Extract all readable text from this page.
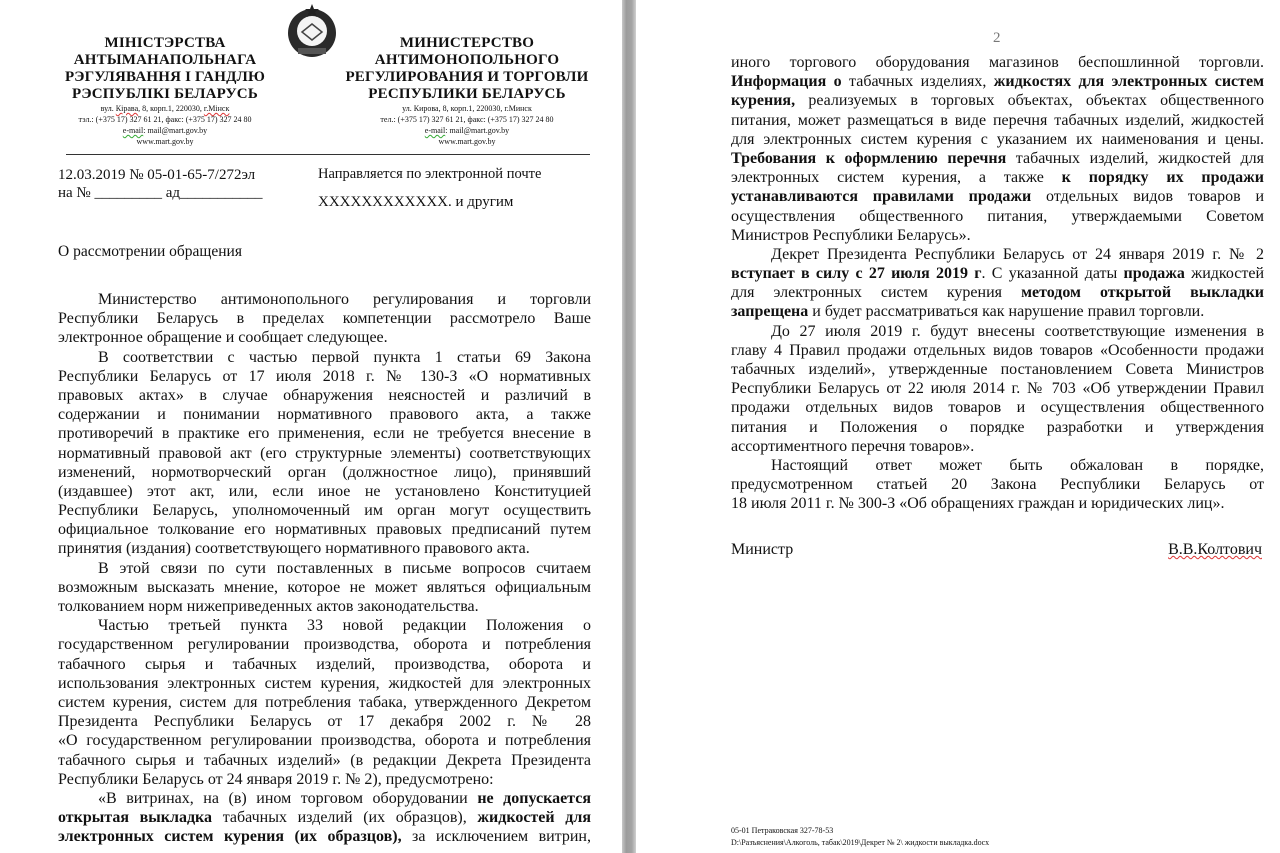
МІНІСТЭРСТВА
АНТЫМАНАПОЛЬНАГА
РЭГУЛЯВАННЯ І ГАНДЛЮ
РЭСПУБЛІКІ БЕЛАРУСЬ
вул. Кірава, 8, корп.1, 220030, г.Мінск
тэл.: (+375 17) 327 61 21, факс: (+375 17) 327 24 80
e-mail: mail@mart.gov.by
www.mart.gov.by
МИНИСТЕРСТВО
АНТИМОНОПОЛЬНОГО
РЕГУЛИРОВАНИЯ И ТОРГОВЛИ
РЕСПУБЛИКИ БЕЛАРУСЬ
ул. Кирова, 8, корп.1, 220030, г.Минск
тел.: (+375 17) 327 61 21, факс: (+375 17) 327 24 80
e-mail: mail@mart.gov.by
www.mart.gov.by
12.03.2019 № 05-01-65-7/272эл
на № _________ ад___________
Направляется по электронной почте
XXXXXXXXXXXX. и другим
О рассмотрении обращения
Министерство антимонопольного регулирования и торговли
Республики Беларусь в пределах компетенции рассмотрело Ваше
электронное обращение и сообщает следующее.
В соответствии с частью первой пункта 1 статьи 69 Закона
Республики Беларусь от 17 июля 2018 г. № 130-З «О нормативных
правовых актах» в случае обнаружения неясностей и различий в
содержании и понимании нормативного правового акта, а также
противоречий в практике его применения, если не требуется внесение в
нормативный правовой акт (его структурные элементы) соответствующих
изменений, нормотворческий орган (должностное лицо), принявший
(издавшее) этот акт, или, если иное не установлено Конституцией
Республики Беларусь, уполномоченный им орган могут осуществить
официальное толкование его нормативных правовых предписаний путем
принятия (издания) соответствующего нормативного правового акта.
В этой связи по сути поставленных в письме вопросов считаем
возможным высказать мнение, которое не может являться официальным
толкованием норм нижеприведенных актов законодательства.
Частью третьей пункта 33 новой редакции Положения о
государственном регулировании производства, оборота и потребления
табачного сырья и табачных изделий, производства, оборота и
использования электронных систем курения, жидкостей для электронных
систем курения, систем для потребления табака, утвержденного Декретом
Президента Республики Беларусь от 17 декабря 2002 г. № 28
«О государственном регулировании производства, оборота и потребления
табачного сырья и табачных изделий» (в редакции Декрета Президента
Республики Беларусь от 24 января 2019 г. № 2), предусмотрено:
«В витринах, на (в) ином торговом оборудовании не допускается
открытая выкладка табачных изделий (их образцов), жидкостей для
электронных систем курения (их образцов), за исключением витрин,
2
иного торгового оборудования магазинов беспошлинной торговли.
Информация о табачных изделиях, жидкостях для электронных систем
курения, реализуемых в торговых объектах, объектах общественного
питания, может размещаться в виде перечня табачных изделий, жидкостей
для электронных систем курения с указанием их наименования и цены.
Требования к оформлению перечня табачных изделий, жидкостей для
электронных систем курения, а также к порядку их продажи
устанавливаются правилами продажи отдельных видов товаров и
осуществления общественного питания, утверждаемыми Советом
Министров Республики Беларусь».
Декрет Президента Республики Беларусь от 24 января 2019 г. № 2
вступает в силу с 27 июля 2019 г. С указанной даты продажа жидкостей
для электронных систем курения методом открытой выкладки
запрещена и будет рассматриваться как нарушение правил торговли.
До 27 июля 2019 г. будут внесены соответствующие изменения в
главу 4 Правил продажи отдельных видов товаров «Особенности продажи
табачных изделий», утвержденные постановлением Совета Министров
Республики Беларусь от 22 июля 2014 г. № 703 «Об утверждении Правил
продажи отдельных видов товаров и осуществления общественного
питания и Положения о порядке разработки и утверждения
ассортиментного перечня товаров».
Настоящий ответ может быть обжалован в порядке,
предусмотренном статьей 20 Закона Республики Беларусь от
18 июля 2011 г. № 300-З «Об обращениях граждан и юридических лиц».
Министр	В.В.Колтович
05-01 Петраковская 327-78-53
D:\Разъяснения\Алкоголь, табак\2019\Декрет № 2\ жидкости выкладка.docx
